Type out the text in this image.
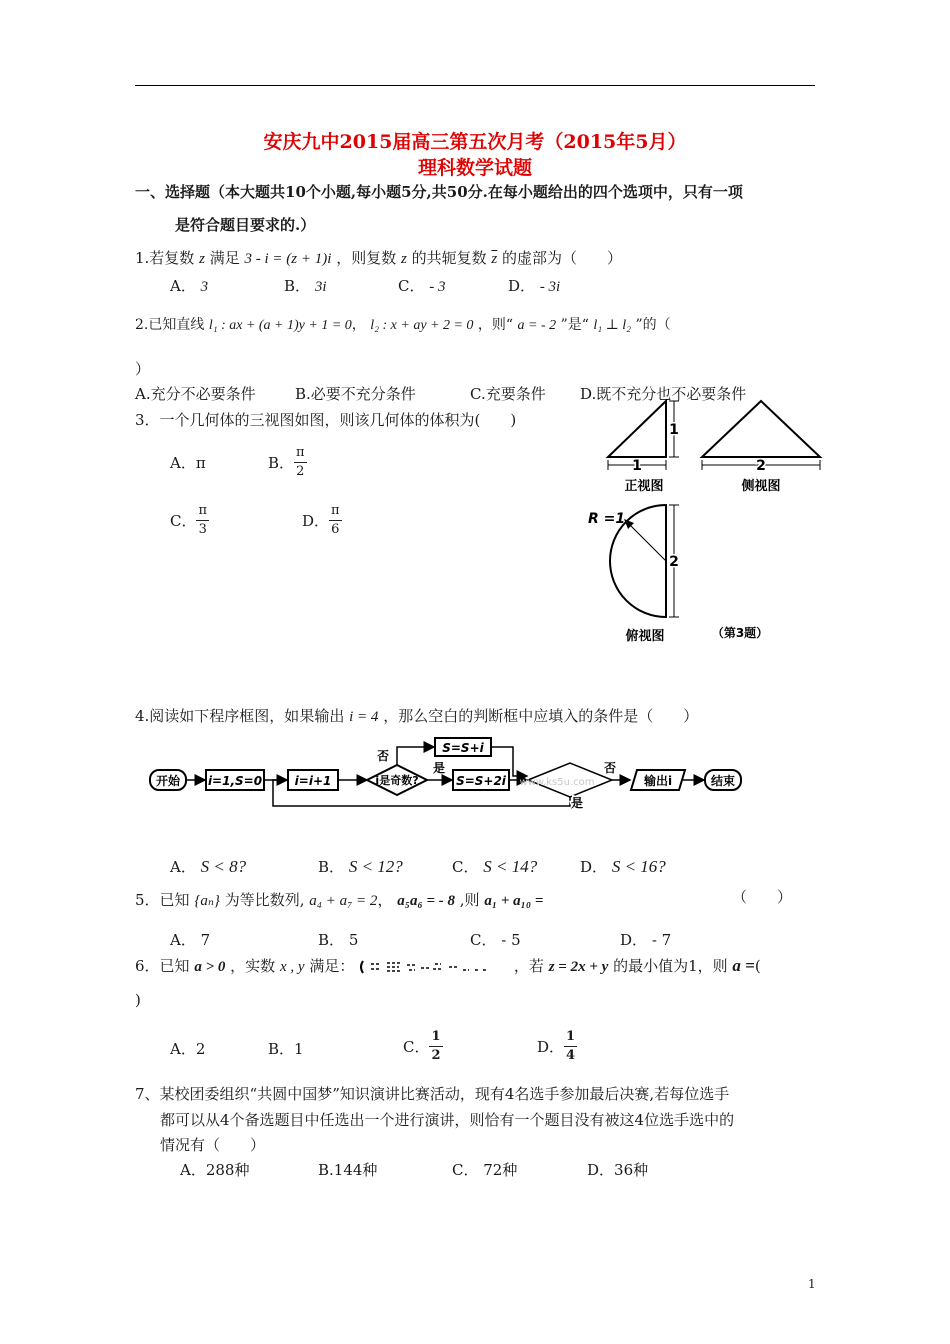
安庆九中2015届高三第五次月考（2015年5月）
理科数学试题
一、选择题（本大题共10个小题,每小题5分,共50分.在每小题给出的四个选项中，只有一项
是符合题目要求的.）
1.若复数 z 满足 3 - i = (z + 1)i ，则复数 z 的共轭复数 $\overline{z}$ 的虚部为（　　）
A． 3	B． 3i	C． - 3	D． - 3i
2.已知直线 l₁ : ax + (a + 1)y + 1 = 0， l₂ : x + ay + 2 = 0 ，则“ a = - 2 ”是“ l₁ ⊥ l₂ ”的（
）
A.充分不必要条件	B.必要不充分条件	C.充要条件 D.既不充分也不必要条件
3．一个几何体的三视图如图，则该几何体的体积为(　　)
A．π	B． $\frac{\pi}{2}$
C． $\frac{\pi}{3}$	D． $\frac{\pi}{6}$
1
1
正视图
2
侧视图
R =1
2
俯视图	（第3题）
4.阅读如下程序框图，如果输出 i = 4 ，那么空白的判断框中应填入的条件是（　　）
开始 i=1,S=0	i=i+1	i是奇数?
否
是
S=S+i
S=S+2i www.ks5u.com
否
输出i	结束
是
A． S < 8?	B． S < 12?	C． S < 14?	D． S < 16?
5．已知 {aₙ} 为等比数列, a₄ + a₇ = 2， a₅a₆ = - 8 ,则 a₁ + a₁₀ =	（　　）
A． 7	B． 5	C． - 5	D． - 7
6．已知 a > 0 ，实数 x , y 满足：	，若 z = 2x + y 的最小值为1，则 a =(
)
A．2	B．1	C． $\frac{1}{2}$	D． $\frac{1}{4}$
7、某校团委组织“共圆中国梦”知识演讲比赛活动，现有4名选手参加最后决赛,若每位选手
都可以从4个备选题目中任选出一个进行演讲，则恰有一个题目没有被这4位选手选中的
情况有（　　）
A．288种	B.144种	C． 72种	D．36种
1
